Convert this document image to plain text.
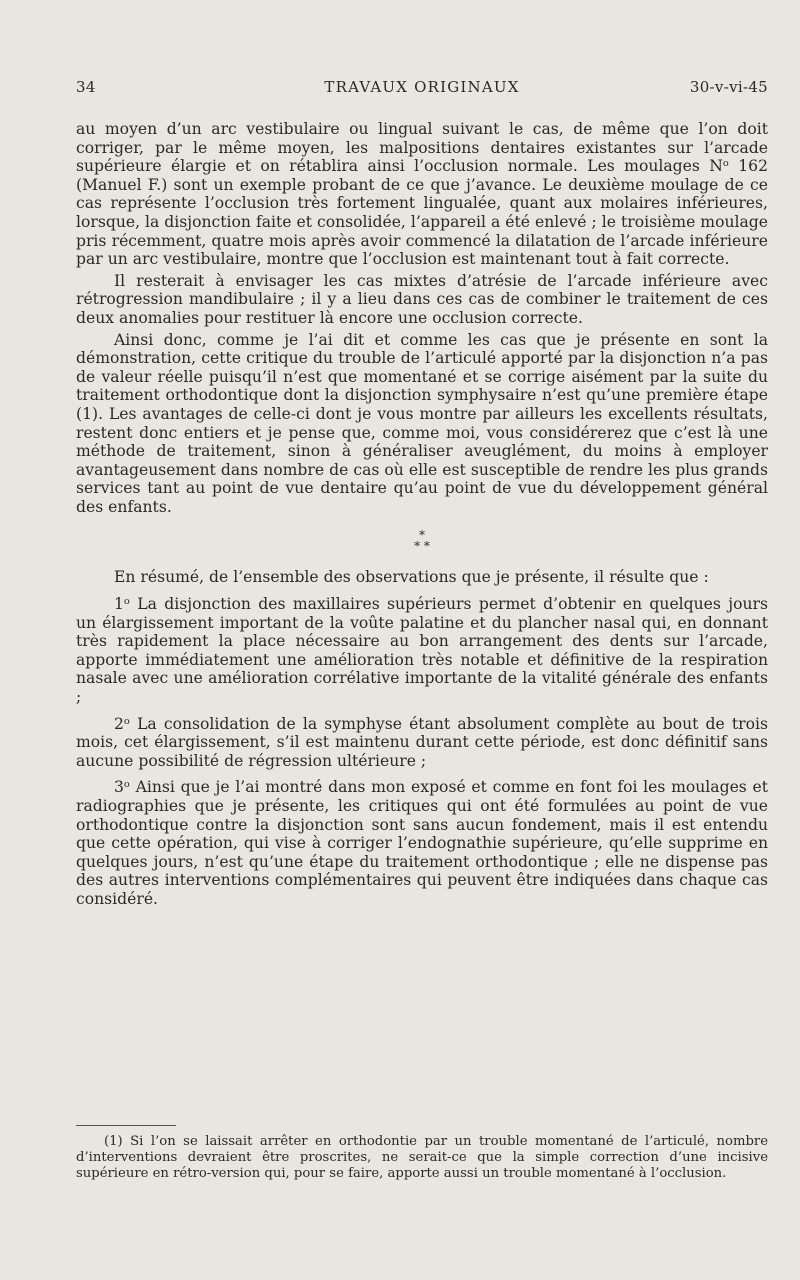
34	TRAVAUX ORIGINAUX	30-v-vi-45

au moyen d’un arc vestibulaire ou lingual suivant le cas, de même que l’on doit corriger, par le même moyen, les malpositions dentaires existantes sur l’arcade supérieure élargie et on rétablira ainsi l’occlusion normale. Les moulages Nᵒ 162 (Manuel F.) sont un exemple probant de ce que j’avance. Le deuxième moulage de ce cas représente l’occlusion très fortement lingualée, quant aux molaires inférieures, lorsque, la disjonction faite et consolidée, l’appareil a été enlevé ; le troisième moulage pris récemment, quatre mois après avoir commencé la dilatation de l’arcade inférieure par un arc vestibulaire, montre que l’occlusion est maintenant tout à fait correcte.

Il resterait à envisager les cas mixtes d’atrésie de l’arcade inférieure avec rétrogression mandibulaire ; il y a lieu dans ces cas de combiner le traitement de ces deux anomalies pour restituer là encore une occlusion correcte.

Ainsi donc, comme je l’ai dit et comme les cas que je présente en sont la démonstration, cette critique du trouble de l’articulé apporté par la disjonction n’a pas de valeur réelle puisqu’il n’est que momentané et se corrige aisément par la suite du traitement orthodontique dont la disjonction symphysaire n’est qu’une première étape (1). Les avantages de celle-ci dont je vous montre par ailleurs les excellents résultats, restent donc entiers et je pense que, comme moi, vous considérerez que c’est là une méthode de traitement, sinon à généraliser aveuglément, du moins à employer avantageusement dans nombre de cas où elle est susceptible de rendre les plus grands services tant au point de vue dentaire qu’au point de vue du développement général des enfants.

*
* *

En résumé, de l’ensemble des observations que je présente, il résulte que :

1ᵒ La disjonction des maxillaires supérieurs permet d’obtenir en quelques jours un élargissement important de la voûte palatine et du plancher nasal qui, en donnant très rapidement la place nécessaire au bon arrangement des dents sur l’arcade, apporte immédiatement une amélioration très notable et définitive de la respiration nasale avec une amélioration corrélative importante de la vitalité générale des enfants ;

2ᵒ La consolidation de la symphyse étant absolument complète au bout de trois mois, cet élargissement, s’il est maintenu durant cette période, est donc définitif sans aucune possibilité de régression ultérieure ;

3ᵒ Ainsi que je l’ai montré dans mon exposé et comme en font foi les moulages et radiographies que je présente, les critiques qui ont été formulées au point de vue orthodontique contre la disjonction sont sans aucun fondement, mais il est entendu que cette opération, qui vise à corriger l’endognathie supérieure, qu’elle supprime en quelques jours, n’est qu’une étape du traitement orthodontique ; elle ne dispense pas des autres interventions complémentaires qui peuvent être indiquées dans chaque cas considéré.

(1) Si l’on se laissait arrêter en orthodontie par un trouble momentané de l’articulé, nombre d’interventions devraient être proscrites, ne serait-ce que la simple correction d’une incisive supérieure en rétro-version qui, pour se faire, apporte aussi un trouble momentané à l’occlusion.
